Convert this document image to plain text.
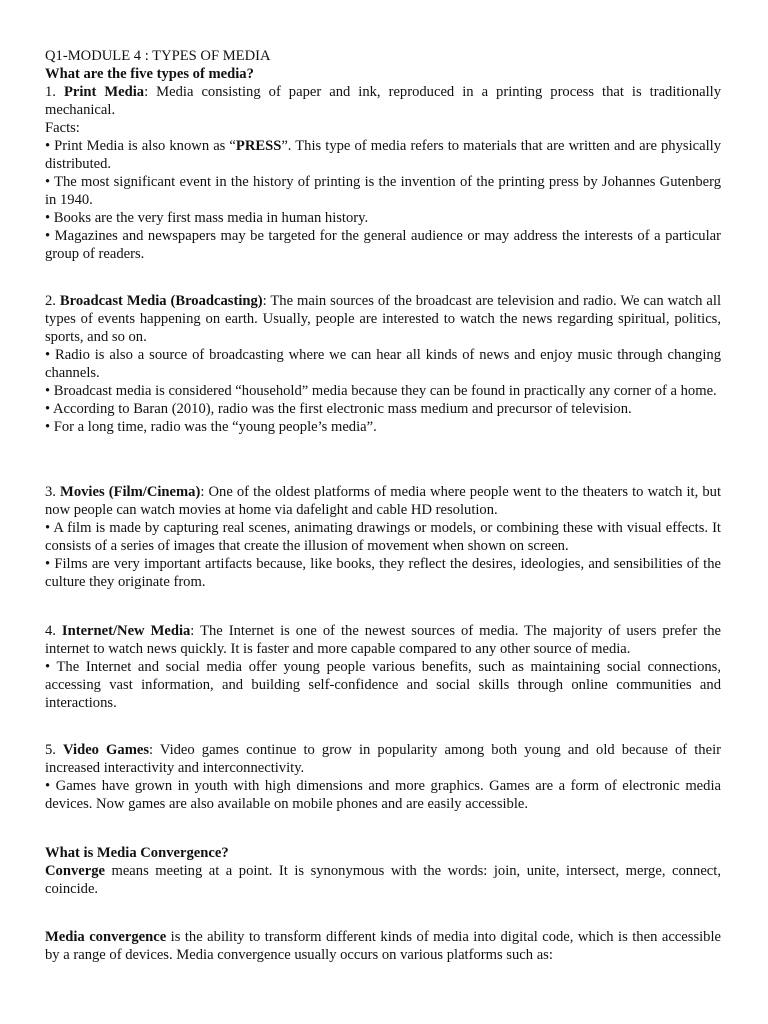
Q1-MODULE 4 : TYPES OF MEDIA

What are the five types of media?

1. Print Media: Media consisting of paper and ink, reproduced in a printing process that is traditionally mechanical.

Facts:

• Print Media is also known as “PRESS”. This type of media refers to materials that are written and are physically distributed.

• The most significant event in the history of printing is the invention of the printing press by Johannes Gutenberg in 1940.

• Books are the very first mass media in human history.

• Magazines and newspapers may be targeted for the general audience or may address the interests of a particular group of readers.

2. Broadcast Media (Broadcasting): The main sources of the broadcast are television and radio. We can watch all types of events happening on earth. Usually, people are interested to watch the news regarding spiritual, politics, sports, and so on.

• Radio is also a source of broadcasting where we can hear all kinds of news and enjoy music through changing channels.

• Broadcast media is considered “household” media because they can be found in practically any corner of a home.

• According to Baran (2010), radio was the first electronic mass medium and precursor of television.

• For a long time, radio was the “young people’s media”.

3. Movies (Film/Cinema): One of the oldest platforms of media where people went to the theaters to watch it, but now people can watch movies at home via dafelight and cable HD resolution.

• A film is made by capturing real scenes, animating drawings or models, or combining these with visual effects. It consists of a series of images that create the illusion of movement when shown on screen.

• Films are very important artifacts because, like books, they reflect the desires, ideologies, and sensibilities of the culture they originate from.

4. Internet/New Media: The Internet is one of the newest sources of media. The majority of users prefer the internet to watch news quickly. It is faster and more capable compared to any other source of media.

• The Internet and social media offer young people various benefits, such as maintaining social connections, accessing vast information, and building self-confidence and social skills through online communities and interactions.

5. Video Games: Video games continue to grow in popularity among both young and old because of their increased interactivity and interconnectivity.

• Games have grown in youth with high dimensions and more graphics. Games are a form of electronic media devices. Now games are also available on mobile phones and are easily accessible.

What is Media Convergence?

Converge means meeting at a point. It is synonymous with the words: join, unite, intersect, merge, connect, coincide.

Media convergence is the ability to transform different kinds of media into digital code, which is then accessible by a range of devices. Media convergence usually occurs on various platforms such as:
